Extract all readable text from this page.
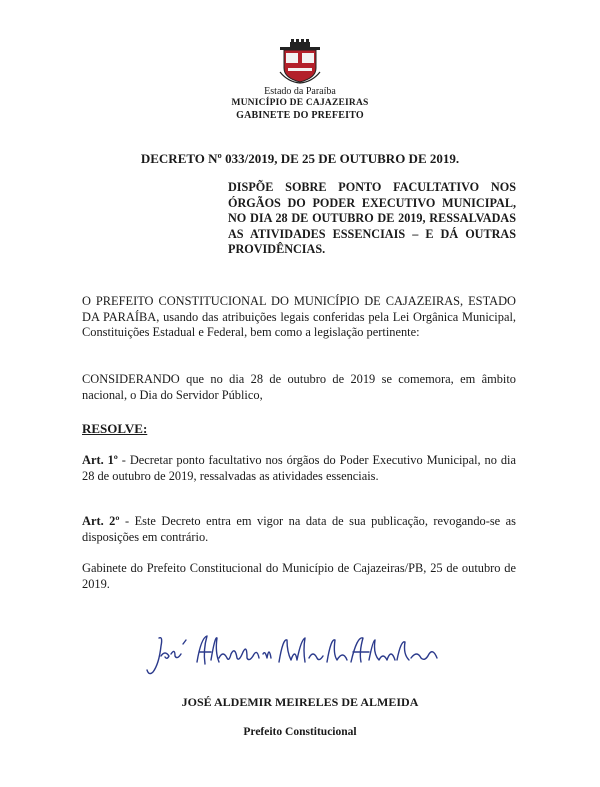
Estado da Paraíba
MUNICÍPIO DE CAJAZEIRAS
GABINETE DO PREFEITO
DECRETO Nº 033/2019, DE 25 DE OUTUBRO DE 2019.
DISPÕE SOBRE PONTO FACULTATIVO NOS ÓRGÃOS DO PODER EXECUTIVO MUNICIPAL, NO DIA 28 DE OUTUBRO DE 2019, RESSALVADAS AS ATIVIDADES ESSENCIAIS – E DÁ OUTRAS PROVIDÊNCIAS.
O PREFEITO CONSTITUCIONAL DO MUNICÍPIO DE CAJAZEIRAS, ESTADO DA PARAÍBA, usando das atribuições legais conferidas pela Lei Orgânica Municipal, Constituições Estadual e Federal, bem como a legislação pertinente:
CONSIDERANDO que no dia 28 de outubro de 2019 se comemora, em âmbito nacional, o Dia do Servidor Público,
RESOLVE:
Art. 1º - Decretar ponto facultativo nos órgãos do Poder Executivo Municipal, no dia 28 de outubro de 2019, ressalvadas as atividades essenciais.
Art. 2º - Este Decreto entra em vigor na data de sua publicação, revogando-se as disposições em contrário.
Gabinete do Prefeito Constitucional do Município de Cajazeiras/PB, 25 de outubro de 2019.
JOSÉ ALDEMIR MEIRELES DE ALMEIDA
Prefeito Constitucional
